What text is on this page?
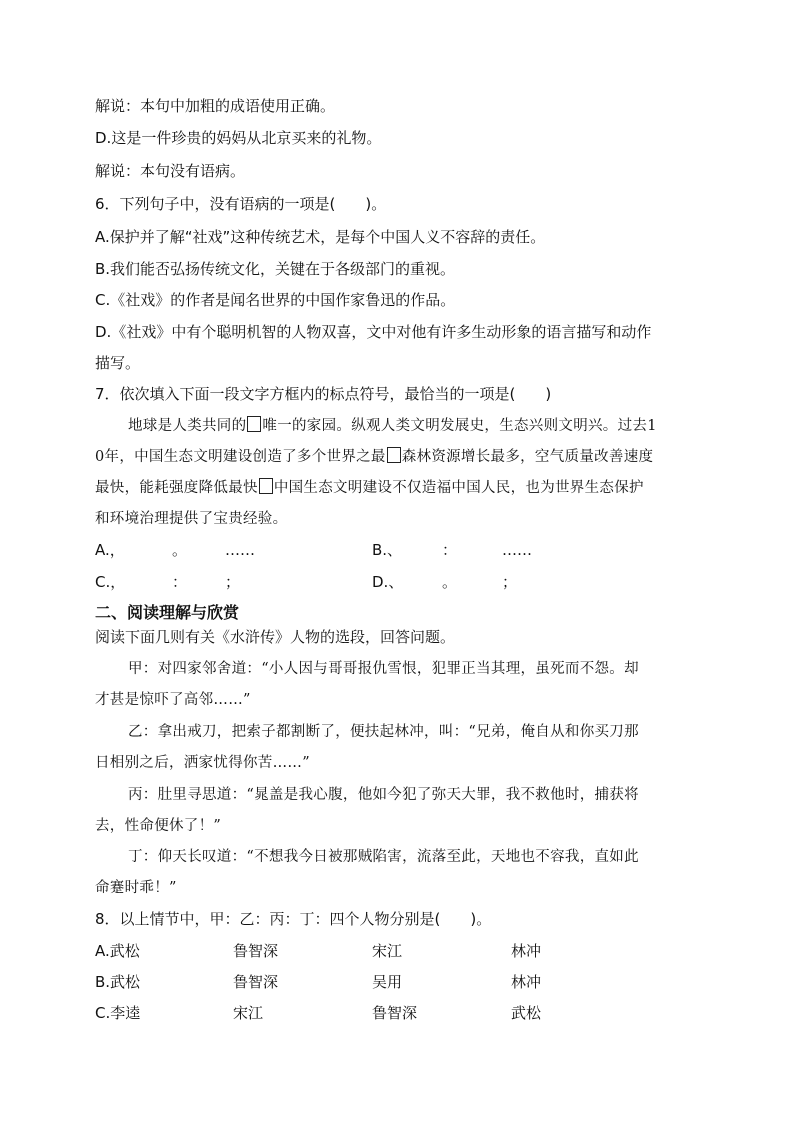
解说：本句中加粗的成语使用正确。
D.这是一件珍贵的妈妈从北京买来的礼物。
解说：本句没有语病。
6．下列句子中，没有语病的一项是(　　)。
A.保护并了解“社戏”这种传统艺术，是每个中国人义不容辞的责任。
B.我们能否弘扬传统文化，关键在于各级部门的重视。
C.《社戏》的作者是闻名世界的中国作家鲁迅的作品。
D.《社戏》中有个聪明机智的人物双喜，文中对他有许多生动形象的语言描写和动作
描写。
7．依次填入下面一段文字方框内的标点符号，最恰当的一项是(　　)
地球是人类共同的 唯一的家园。纵观人类文明发展史，生态兴则文明兴。过去1
0年，中国生态文明建设创造了多个世界之最 森林资源增长最多，空气质量改善速度
最快，能耗强度降低最快 中国生态文明建设不仅造福中国人民，也为世界生态保护
和环境治理提供了宝贵经验。
A.，	。	……	B.、	：	……
C.，	：	；	D.、	。	；
二、阅读理解与欣赏
阅读下面几则有关《水浒传》人物的选段，回答问题。
甲：对四家邻舍道：“小人因与哥哥报仇雪恨，犯罪正当其理，虽死而不怨。却
才甚是惊吓了高邻……”
乙：拿出戒刀，把索子都割断了，便扶起林冲，叫：“兄弟，俺自从和你买刀那
日相别之后，洒家忧得你苦……”
丙：肚里寻思道：“晁盖是我心腹，他如今犯了弥天大罪，我不救他时，捕获将
去，性命便休了！”
丁：仰天长叹道：“不想我今日被那贼陷害，流落至此，天地也不容我，直如此
命蹇时乖！”
8．以上情节中，甲：乙：丙：丁：四个人物分别是(　　)。
A.武松	鲁智深	宋江	林冲
B.武松	鲁智深	吴用	林冲
C.李逵	宋江	鲁智深	武松
